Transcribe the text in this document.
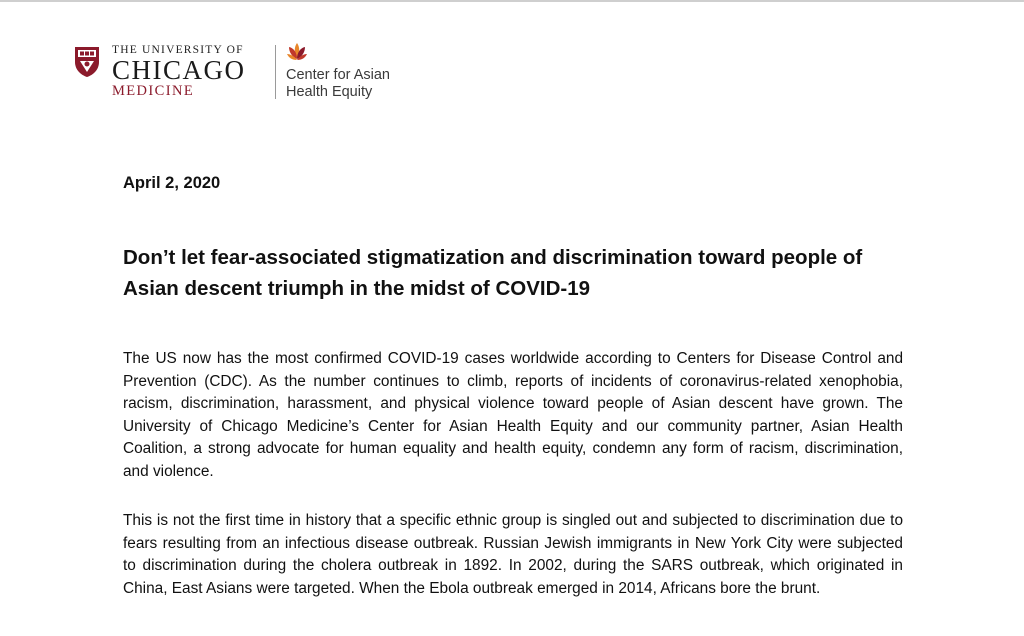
THE UNIVERSITY OF
CHICAGO
MEDICINE
Center for Asian
Health Equity
April 2, 2020
Don’t let fear-associated stigmatization and discrimination toward people of Asian descent triumph in the midst of COVID-19

The US now has the most confirmed COVID-19 cases worldwide according to Centers for Disease Control and Prevention (CDC). As the number continues to climb, reports of incidents of coronavirus-related xenophobia, racism, discrimination, harassment, and physical violence toward people of Asian descent have grown. The University of Chicago Medicine’s Center for Asian Health Equity and our community partner, Asian Health Coalition, a strong advocate for human equality and health equity, condemn any form of racism, discrimination, and violence.

This is not the first time in history that a specific ethnic group is singled out and subjected to discrimination due to fears resulting from an infectious disease outbreak. Russian Jewish immigrants in New York City were subjected to discrimination during the cholera outbreak in 1892. In 2002, during the SARS outbreak, which originated in China, East Asians were targeted. When the Ebola outbreak emerged in 2014, Africans bore the brunt.
